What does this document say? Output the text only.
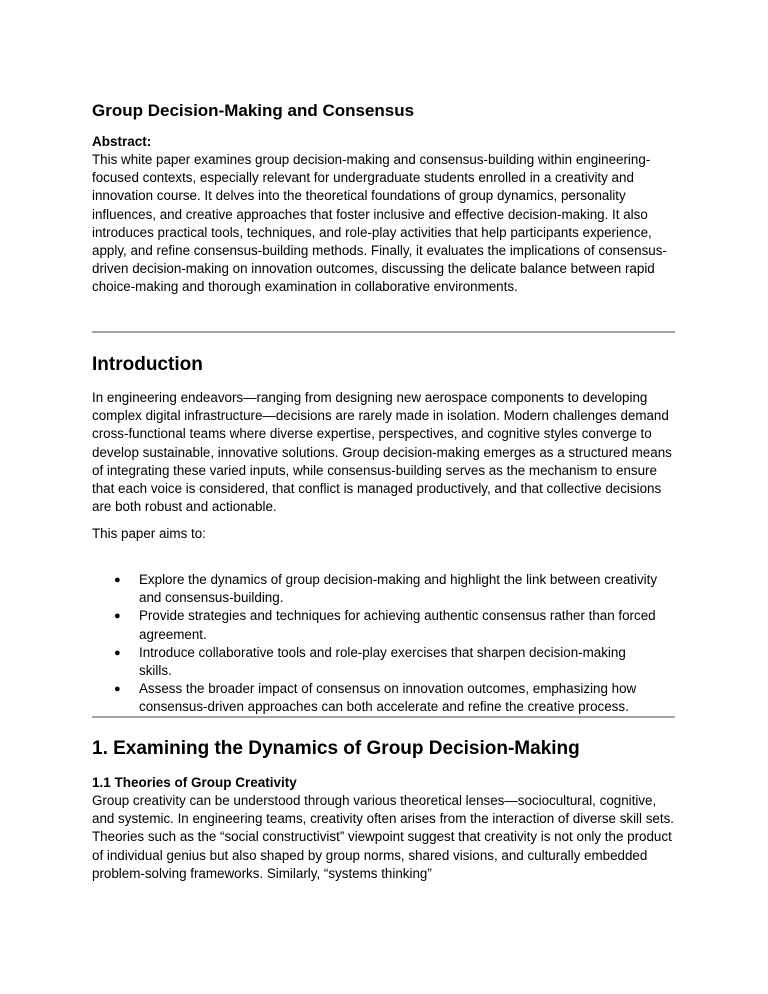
Group Decision-Making and Consensus
Abstract:

This white paper examines group decision-making and consensus-building within engineering-focused contexts, especially relevant for undergraduate students enrolled in a creativity and innovation course. It delves into the theoretical foundations of group dynamics, personality influences, and creative approaches that foster inclusive and effective decision-making. It also introduces practical tools, techniques, and role-play activities that help participants experience, apply, and refine consensus-building methods. Finally, it evaluates the implications of consensus-driven decision-making on innovation outcomes, discussing the delicate balance between rapid choice-making and thorough examination in collaborative environments.

Introduction

In engineering endeavors—ranging from designing new aerospace components to developing complex digital infrastructure—decisions are rarely made in isolation. Modern challenges demand cross-functional teams where diverse expertise, perspectives, and cognitive styles converge to develop sustainable, innovative solutions. Group decision-making emerges as a structured means of integrating these varied inputs, while consensus-building serves as the mechanism to ensure that each voice is considered, that conflict is managed productively, and that collective decisions are both robust and actionable.

This paper aims to:

● Explore the dynamics of group decision-making and highlight the link between creativity and consensus-building.
● Provide strategies and techniques for achieving authentic consensus rather than forced agreement.
● Introduce collaborative tools and role-play exercises that sharpen decision-making skills.
● Assess the broader impact of consensus on innovation outcomes, emphasizing how consensus-driven approaches can both accelerate and refine the creative process.
1. Examining the Dynamics of Group Decision-Making
1.1 Theories of Group Creativity

Group creativity can be understood through various theoretical lenses—sociocultural, cognitive, and systemic. In engineering teams, creativity often arises from the interaction of diverse skill sets. Theories such as the “social constructivist” viewpoint suggest that creativity is not only the product of individual genius but also shaped by group norms, shared visions, and culturally embedded problem-solving frameworks. Similarly, “systems thinking”
